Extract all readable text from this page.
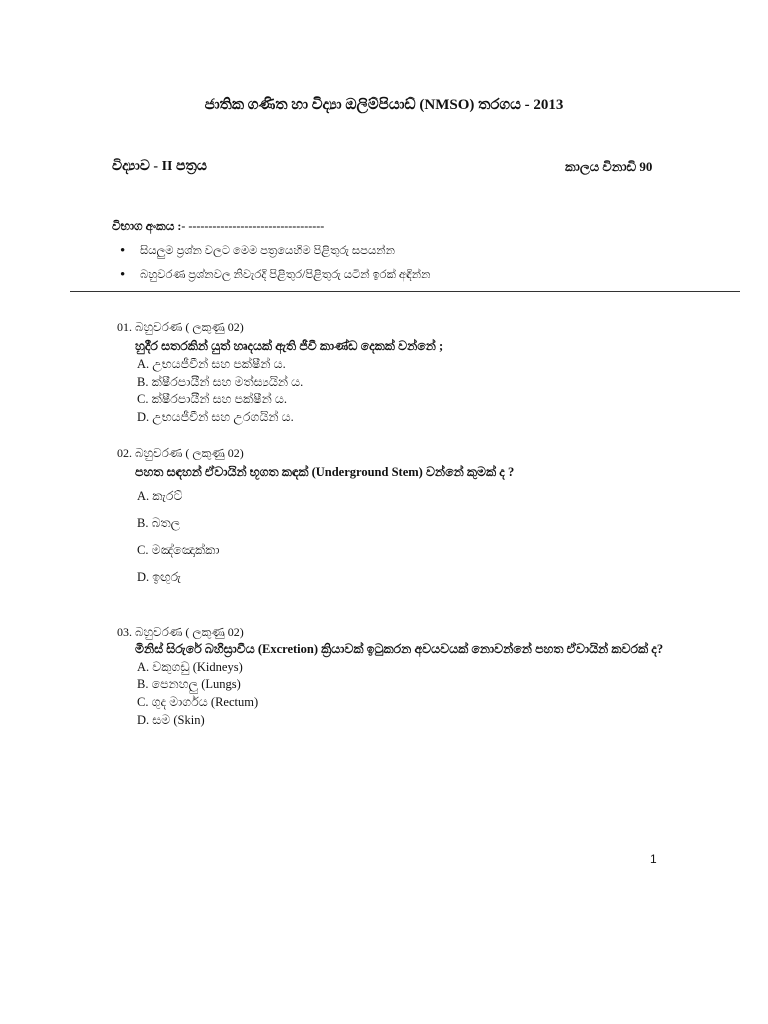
ජාතික ගණිත හා විද්‍යා ඔලිම්පියාඩ් (NMSO) තරගය - 2013
විද්‍යාව - II පත්‍රය	කාලය විනාඩි 90
විභාග අංකය :- ----------------------------------
• සියලුම ප්‍රශ්න වලට මෙම පත්‍රයෙහිම පිළිතුරු සපයන්න
• බහුවරණ ප්‍රශ්නවල නිවැරදි පිළිතුර/පිළිතුරු යටින් ඉරක් අඳින්න
01. බහුවරණ ( ලකුණු 02)
හුදීර සතරකින් යුත් හෘදයක් ඇති ජීවී කාණ්ඩ දෙකක් වන්නේ ;
A. උභයජීවීන් සහ පක්ෂීන් ය.
B. ක්ෂීරපායීන් සහ මත්ස්‍යයින් ය.
C. ක්ෂීරපායීන් සහ පක්ෂීන් ය.
D. උභයජීවීන් සහ උරගයින් ය.
02. බහුවරණ ( ලකුණු 02)
පහත සඳහන් ඒවායින් භූගත කඳක් (Underground Stem) වන්නේ කුමක් ද ?
A. කැරට්
B. බතල
C. මඤ්ඤොක්කා
D. ඉඟුරු
03. බහුවරණ ( ලකුණු 02)
මිනිස් සිරුරේ බහිස්‍රාවීය (Excretion) ක්‍රියාවක් ඉටුකරන අවයවයක් නොවන්නේ පහත ඒවායින් කවරක් ද?
A. වකුගඩු (Kidneys)
B. පෙනහලු (Lungs)
C. ගුද මාර්ගය (Rectum)
D. සම (Skin)
1
